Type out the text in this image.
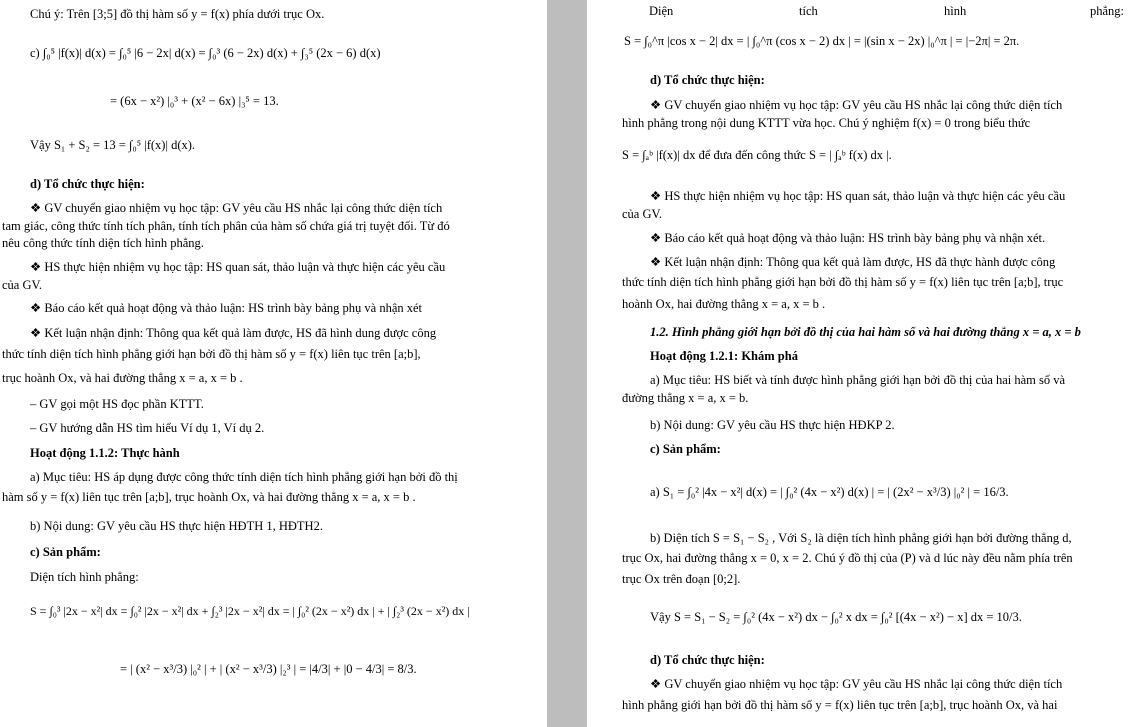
Chú ý: Trên [3;5] đồ thị hàm số y = f(x) phía dưới trục Ox.
c) ∫₀⁵ |f(x)| d(x) = ∫₀⁵ |6 − 2x| d(x) = ∫₀³ (6 − 2x) d(x) + ∫₃⁵ (2x − 6) d(x)
= (6x − x²) |₀³ + (x² − 6x) |₃⁵ = 13.
Vậy S₁ + S₂ = 13 = ∫₀⁵ |f(x)| d(x).
d) Tổ chức thực hiện:
❖ GV chuyển giao nhiệm vụ học tập: GV yêu cầu HS nhắc lại công thức diện tích
tam giác, công thức tính tích phân, tính tích phân của hàm số chứa giá trị tuyệt đối. Từ đó
nêu công thức tính diện tích hình phẳng.
❖ HS thực hiện nhiệm vụ học tập: HS quan sát, thảo luận và thực hiện các yêu cầu
của GV.
❖ Báo cáo kết quả hoạt động và thảo luận: HS trình bày bảng phụ và nhận xét
❖ Kết luận nhận định: Thông qua kết quả làm được, HS đã hình dung được công
thức tính diện tích hình phẳng giới hạn bởi đồ thị hàm số y = f(x) liên tục trên [a;b],
trục hoành Ox, và hai đường thẳng x = a, x = b .
– GV gọi một HS đọc phần KTTT.
– GV hướng dẫn HS tìm hiểu Ví dụ 1, Ví dụ 2.
Hoạt động 1.1.2: Thực hành
a) Mục tiêu: HS áp dụng được công thức tính diện tích hình phẳng giới hạn bởi đồ thị
hàm số y = f(x) liên tục trên [a;b], trục hoành Ox, và hai đường thẳng x = a, x = b .
b) Nội dung: GV yêu cầu HS thực hiện HĐTH 1, HĐTH2.
c) Sản phẩm:
Diện tích hình phẳng:
S = ∫₀³ |2x − x²| dx = ∫₀² |2x − x²| dx + ∫₂³ |2x − x²| dx = | ∫₀² (2x − x²) dx | + | ∫₂³ (2x − x²) dx |
= | (x² − x³/3) |₀² | + | (x² − x³/3) |₂³ | = |4/3| + |0 − 4/3| = 8/3.
Diện	tích	hình	phẳng:
S = ∫₀^π |cos x − 2| dx = | ∫₀^π (cos x − 2) dx | = |(sin x − 2x) |₀^π | = |−2π| = 2π.
d) Tổ chức thực hiện:
❖ GV chuyển giao nhiệm vụ học tập: GV yêu cầu HS nhắc lại công thức diện tích
hình phẳng trong nội dung KTTT vừa học. Chú ý nghiệm f(x) = 0 trong biểu thức
S = ∫ₐᵇ |f(x)| dx để đưa đến công thức S = | ∫ₐᵇ f(x) dx |.
❖ HS thực hiện nhiệm vụ học tập: HS quan sát, thảo luận và thực hiện các yêu cầu
của GV.
❖ Báo cáo kết quả hoạt động và thảo luận: HS trình bày bảng phụ và nhận xét.
❖ Kết luận nhận định: Thông qua kết quả làm được, HS đã thực hành được công
thức tính diện tích hình phẳng giới hạn bởi đồ thị hàm số y = f(x) liên tục trên [a;b], trục
hoành Ox, hai đường thẳng x = a, x = b .
1.2. Hình phẳng giới hạn bởi đồ thị của hai hàm số và hai đường thẳng x = a, x = b
Hoạt động 1.2.1: Khám phá
a) Mục tiêu: HS biết và tính được hình phẳng giới hạn bởi đồ thị của hai hàm số và
đường thẳng x = a, x = b.
b) Nội dung: GV yêu cầu HS thực hiện HĐKP 2.
c) Sản phẩm:
a) S₁ = ∫₀² |4x − x²| d(x) = | ∫₀² (4x − x²) d(x) | = | (2x² − x³/3) |₀² | = 16/3.
b) Diện tích S = S₁ − S₂ , Với S₂ là diện tích hình phẳng giới hạn bởi đường thẳng d,
trục Ox, hai đường thẳng x = 0, x = 2. Chú ý đồ thị của (P) và d lúc này đều nằm phía trên
trục Ox trên đoạn [0;2].
Vậy S = S₁ − S₂ = ∫₀² (4x − x²) dx − ∫₀² x dx = ∫₀² [(4x − x²) − x] dx = 10/3.
d) Tổ chức thực hiện:
❖ GV chuyển giao nhiệm vụ học tập: GV yêu cầu HS nhắc lại công thức diện tích
hình phẳng giới hạn bởi đồ thị hàm số y = f(x) liên tục trên [a;b], trục hoành Ox, và hai
